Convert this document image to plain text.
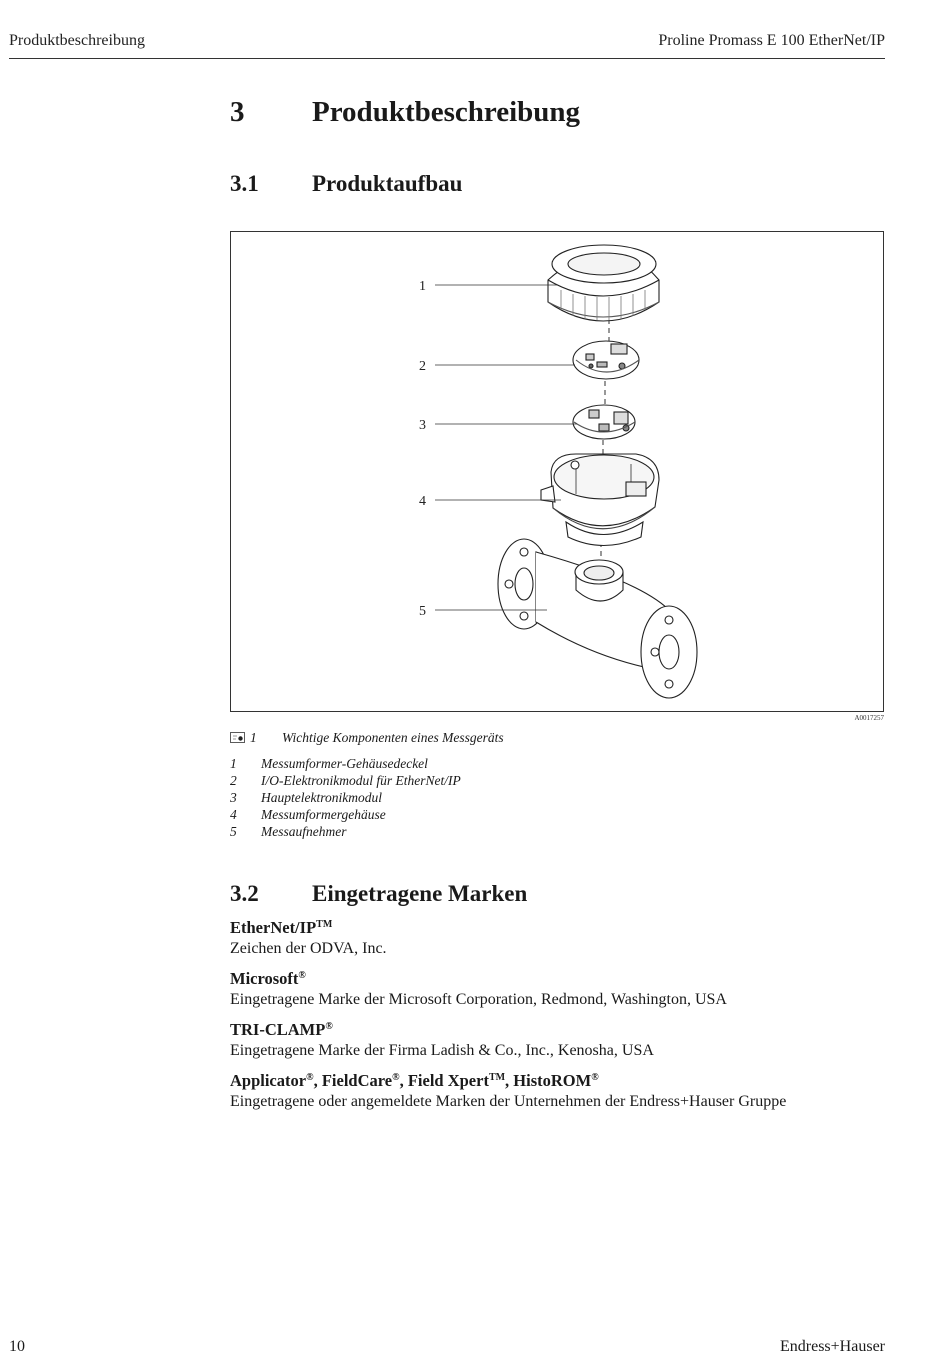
Produktbeschreibung	Proline Promass E 100 EtherNet/IP
3 Produktbeschreibung
3.1 Produktaufbau
1
2
3
4
5
A0017257
1 Wichtige Komponenten eines Messgeräts
1 Messumformer-Gehäusedeckel
2 I/O-Elektronikmodul für EtherNet/IP
3 Hauptelektronikmodul
4 Messumformergehäuse
5 Messaufnehmer
3.2 Eingetragene Marken
EtherNet/IP™
Zeichen der ODVA, Inc.
Microsoft®
Eingetragene Marke der Microsoft Corporation, Redmond, Washington, USA
TRI-CLAMP®
Eingetragene Marke der Firma Ladish & Co., Inc., Kenosha, USA
Applicator®, FieldCare®, Field Xpert™, HistoROM®
Eingetragene oder angemeldete Marken der Unternehmen der Endress+Hauser Gruppe
10	Endress+Hauser
